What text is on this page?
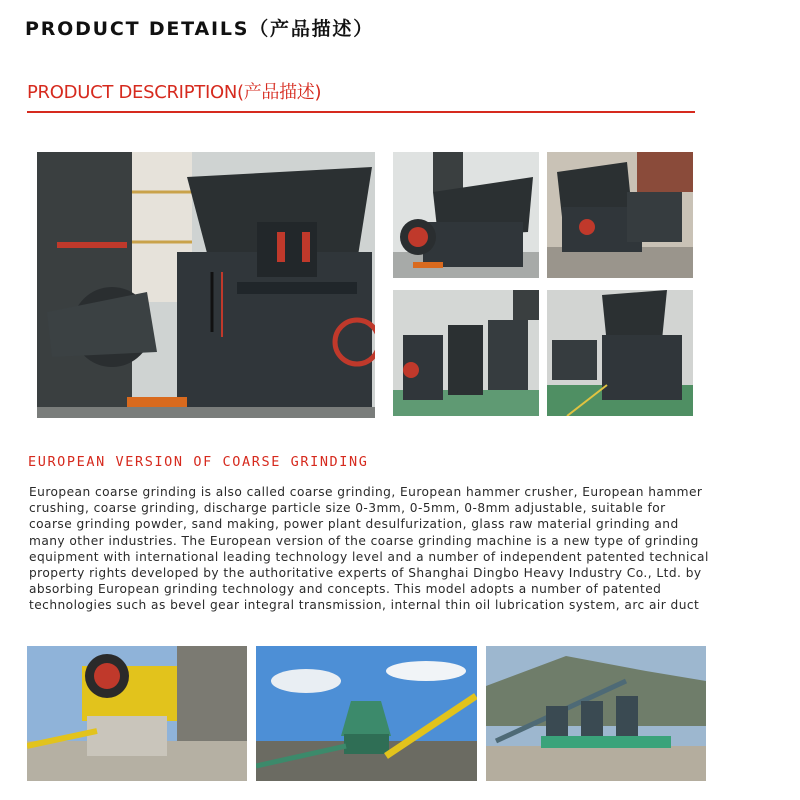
PRODUCT DETAILS（产品描述）
PRODUCT DESCRIPTION(产品描述)
EUROPEAN VERSION OF COARSE GRINDING

European coarse grinding is also called coarse grinding, European hammer crusher, European hammer crushing, coarse grinding, discharge particle size 0-3mm, 0-5mm, 0-8mm adjustable, suitable for coarse grinding powder, sand making, power plant desulfurization, glass raw material grinding and many other industries. The European version of the coarse grinding machine is a new type of grinding equipment with international leading technology level and a number of independent patented technical property rights developed by the authoritative experts of Shanghai Dingbo Heavy Industry Co., Ltd. by absorbing European grinding technology and concepts. This model adopts a number of patented technologies such as bevel gear integral transmission, internal thin oil lubrication system, arc air duct
